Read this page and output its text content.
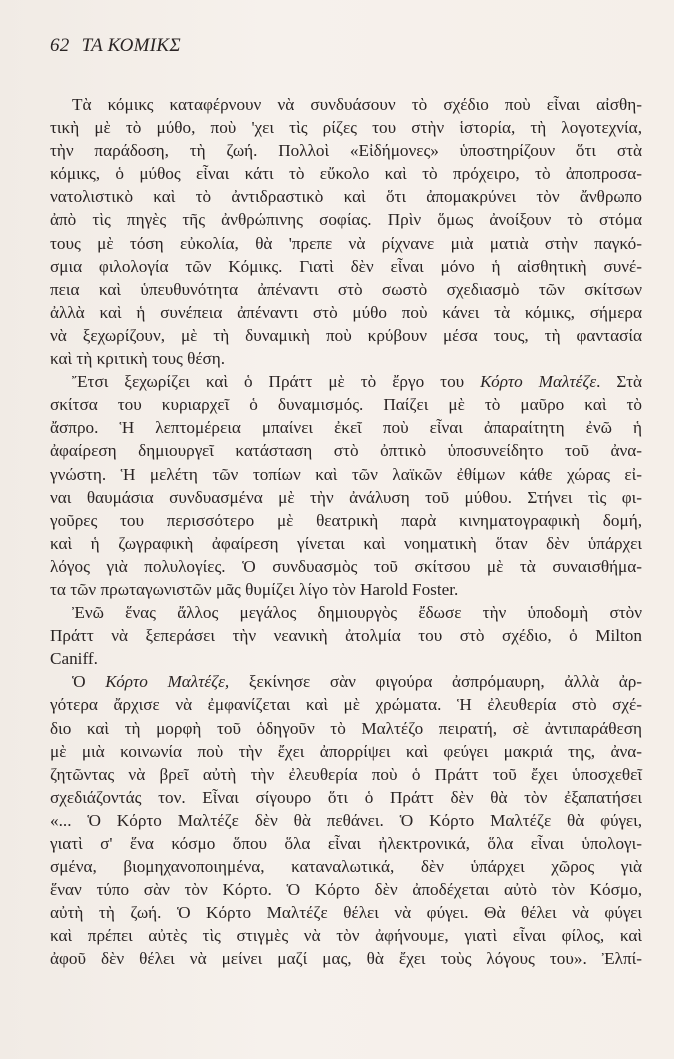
62 ΤΑ ΚΟΜΙΚΣ
Τὰ κόμικς καταφέρνουν νὰ συνδυάσουν τὸ σχέδιο ποὺ εἶναι αἰσθη-
τικὴ μὲ τὸ μύθο, ποὺ 'χει τὶς ρίζες του στὴν ἱστορία, τὴ λογοτεχνία,
τὴν παράδοση, τὴ ζωή. Πολλοὶ «Εἰδήμονες» ὑποστηρίζουν ὅτι στὰ
κόμικς, ὁ μύθος εἶναι κάτι τὸ εὔκολο καὶ τὸ πρόχειρο, τὸ ἀποπροσα-
νατολιστικὸ καὶ τὸ ἀντιδραστικὸ καὶ ὅτι ἀπομακρύνει τὸν ἄνθρωπο
ἀπὸ τὶς πηγὲς τῆς ἀνθρώπινης σοφίας. Πρὶν ὅμως ἀνοίξουν τὸ στόμα
τους μὲ τόση εὐκολία, θὰ 'πρεπε νὰ ρίχνανε μιὰ ματιὰ στὴν παγκό-
σμια φιλολογία τῶν Κόμικς. Γιατὶ δὲν εἶναι μόνο ἡ αἰσθητικὴ συνέ-
πεια καὶ ὑπευθυνότητα ἀπέναντι στὸ σωστὸ σχεδιασμὸ τῶν σκίτσων
ἀλλὰ καὶ ἡ συνέπεια ἀπέναντι στὸ μύθο ποὺ κάνει τὰ κόμικς, σήμερα
νὰ ξεχωρίζουν, μὲ τὴ δυναμικὴ ποὺ κρύβουν μέσα τους, τὴ φαντασία
καὶ τὴ κριτικὴ τους θέση.
Ἔτσι ξεχωρίζει καὶ ὁ Πράττ μὲ τὸ ἔργο του Κόρτο Μαλτέζε. Στὰ
σκίτσα του κυριαρχεῖ ὁ δυναμισμός. Παίζει μὲ τὸ μαῦρο καὶ τὸ
ἄσπρο. Ἡ λεπτομέρεια μπαίνει ἐκεῖ ποὺ εἶναι ἀπαραίτητη ἐνῶ ἡ
ἀφαίρεση δημιουργεῖ κατάσταση στὸ ὀπτικὸ ὑποσυνείδητο τοῦ ἀνα-
γνώστη. Ἡ μελέτη τῶν τοπίων καὶ τῶν λαϊκῶν ἐθίμων κάθε χώρας εἰ-
ναι θαυμάσια συνδυασμένα μὲ τὴν ἀνάλυση τοῦ μύθου. Στήνει τὶς φι-
γοῦρες του περισσότερο μὲ θεατρικὴ παρὰ κινηματογραφικὴ δομή,
καὶ ἡ ζωγραφικὴ ἀφαίρεση γίνεται καὶ νοηματικὴ ὅταν δὲν ὑπάρχει
λόγος γιὰ πολυλογίες. Ὁ συνδυασμὸς τοῦ σκίτσου μὲ τὰ συναισθήμα-
τα τῶν πρωταγωνιστῶν μᾶς θυμίζει λίγο τὸν Harold Foster.
Ἐνῶ ἕνας ἄλλος μεγάλος δημιουργὸς ἔδωσε τὴν ὑποδομὴ στὸν
Πράττ νὰ ξεπεράσει τὴν νεανικὴ ἀτολμία του στὸ σχέδιο, ὁ Milton
Caniff.
Ὁ Κόρτο Μαλτέζε, ξεκίνησε σὰν φιγούρα ἀσπρόμαυρη, ἀλλὰ ἀρ-
γότερα ἄρχισε νὰ ἐμφανίζεται καὶ μὲ χρώματα. Ἡ ἐλευθερία στὸ σχέ-
διο καὶ τὴ μορφὴ τοῦ ὁδηγοῦν τὸ Μαλτέζο πειρατή, σὲ ἀντιπαράθεση
μὲ μιὰ κοινωνία ποὺ τὴν ἔχει ἀπορρίψει καὶ φεύγει μακριά της, ἀνα-
ζητῶντας νὰ βρεῖ αὐτὴ τὴν ἐλευθερία ποὺ ὁ Πράττ τοῦ ἔχει ὑποσχεθεῖ
σχεδιάζοντάς τον. Εἶναι σίγουρο ὅτι ὁ Πράττ δὲν θὰ τὸν ἐξαπατήσει
«... Ὁ Κόρτο Μαλτέζε δὲν θὰ πεθάνει. Ὁ Κόρτο Μαλτέζε θὰ φύγει,
γιατὶ σ' ἕνα κόσμο ὅπου ὅλα εἶναι ἠλεκτρονικά, ὅλα εἶναι ὑπολογι-
σμένα, βιομηχανοποιημένα, καταναλωτικά, δὲν ὑπάρχει χῶρος γιὰ
ἕναν τύπο σὰν τὸν Κόρτο. Ὁ Κόρτο δὲν ἀποδέχεται αὐτὸ τὸν Κόσμο,
αὐτὴ τὴ ζωή. Ὁ Κόρτο Μαλτέζε θέλει νὰ φύγει. Θὰ θέλει νὰ φύγει
καὶ πρέπει αὐτὲς τὶς στιγμὲς νὰ τὸν ἀφήνουμε, γιατὶ εἶναι φίλος, καὶ
ἀφοῦ δὲν θέλει νὰ μείνει μαζί μας, θὰ ἔχει τοὺς λόγους του». Ἐλπί-
